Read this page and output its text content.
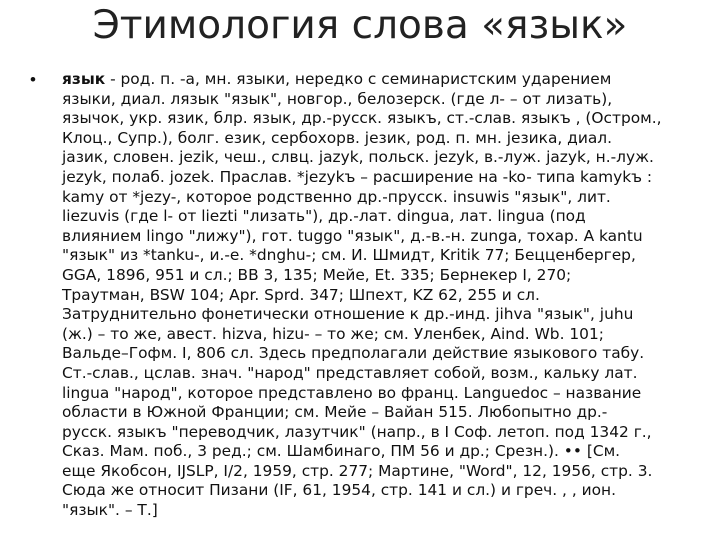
Этимология слова «язык»
• язык - род. п. -а, мн. языки, нередко с семинаристским ударением
языки, диал. лязык "язык", новгор., белозерск. (где л- – от лизать),
язычок, укр. язик, блр. язык, др.-русск. языкъ, ст.-слав. языкъ , (Остром.,
Клоц., Супр.), болг. език, сербохорв. jезик, род. п. мн. jезика, диал.
jазик, словен. jezik, чеш., слвц. jazyk, польск. jezyk, в.-луж. jazyk, н.-луж.
jezyk, полаб. jozek. Праслав. *jezykъ – расширение на -ko- типа kamykъ :
kamy от *jezy-, которое родственно др.-прусск. insuwis "язык", лит.
liezuvis (где l- от liezti "лизать"), др.-лат. dingua, лат. lingua (под
влиянием lingo "лижу"), гот. tuggo "язык", д.-в.-н. zunga, тохар. A kantu
"язык" из *tanku-, и.-е. *dnghu-; см. И. Шмидт, Kritik 77; Бецценбергер,
GGA, 1896, 951 и сл.; BB 3, 135; Мейе, Et. 335; Бернекер I, 270;
Траутман, BSW 104; Apr. Sprd. 347; Шпехт, KZ 62, 255 и сл.
Затруднительно фонетически отношение к др.-инд. jihva "язык", juhu
(ж.) – то же, авест. hizva, hizu- – то же; см. Уленбек, Aind. Wb. 101;
Вальде–Гофм. I, 806 сл. Здесь предполагали действие языкового табу.
Ст.-слав., цслав. знач. "народ" представляет собой, возм., кальку лат.
lingua "народ", которое представлено во франц. Languedoc – название
области в Южной Франции; см. Мейе – Вайан 515. Любопытно др.-
русск. языкъ "переводчик, лазутчик" (напр., в I Соф. летоп. под 1342 г.,
Сказ. Мам. поб., 3 ред.; см. Шамбинаго, ПМ 56 и др.; Срезн.). •• [См.
еще Якобсон, IJSLP, I/2, 1959, стр. 277; Мартине, "Word", 12, 1956, стр. 3.
Сюда же относит Пизани (IF, 61, 1954, стр. 141 и сл.) и греч. , , ион.
"язык". – Т.]
